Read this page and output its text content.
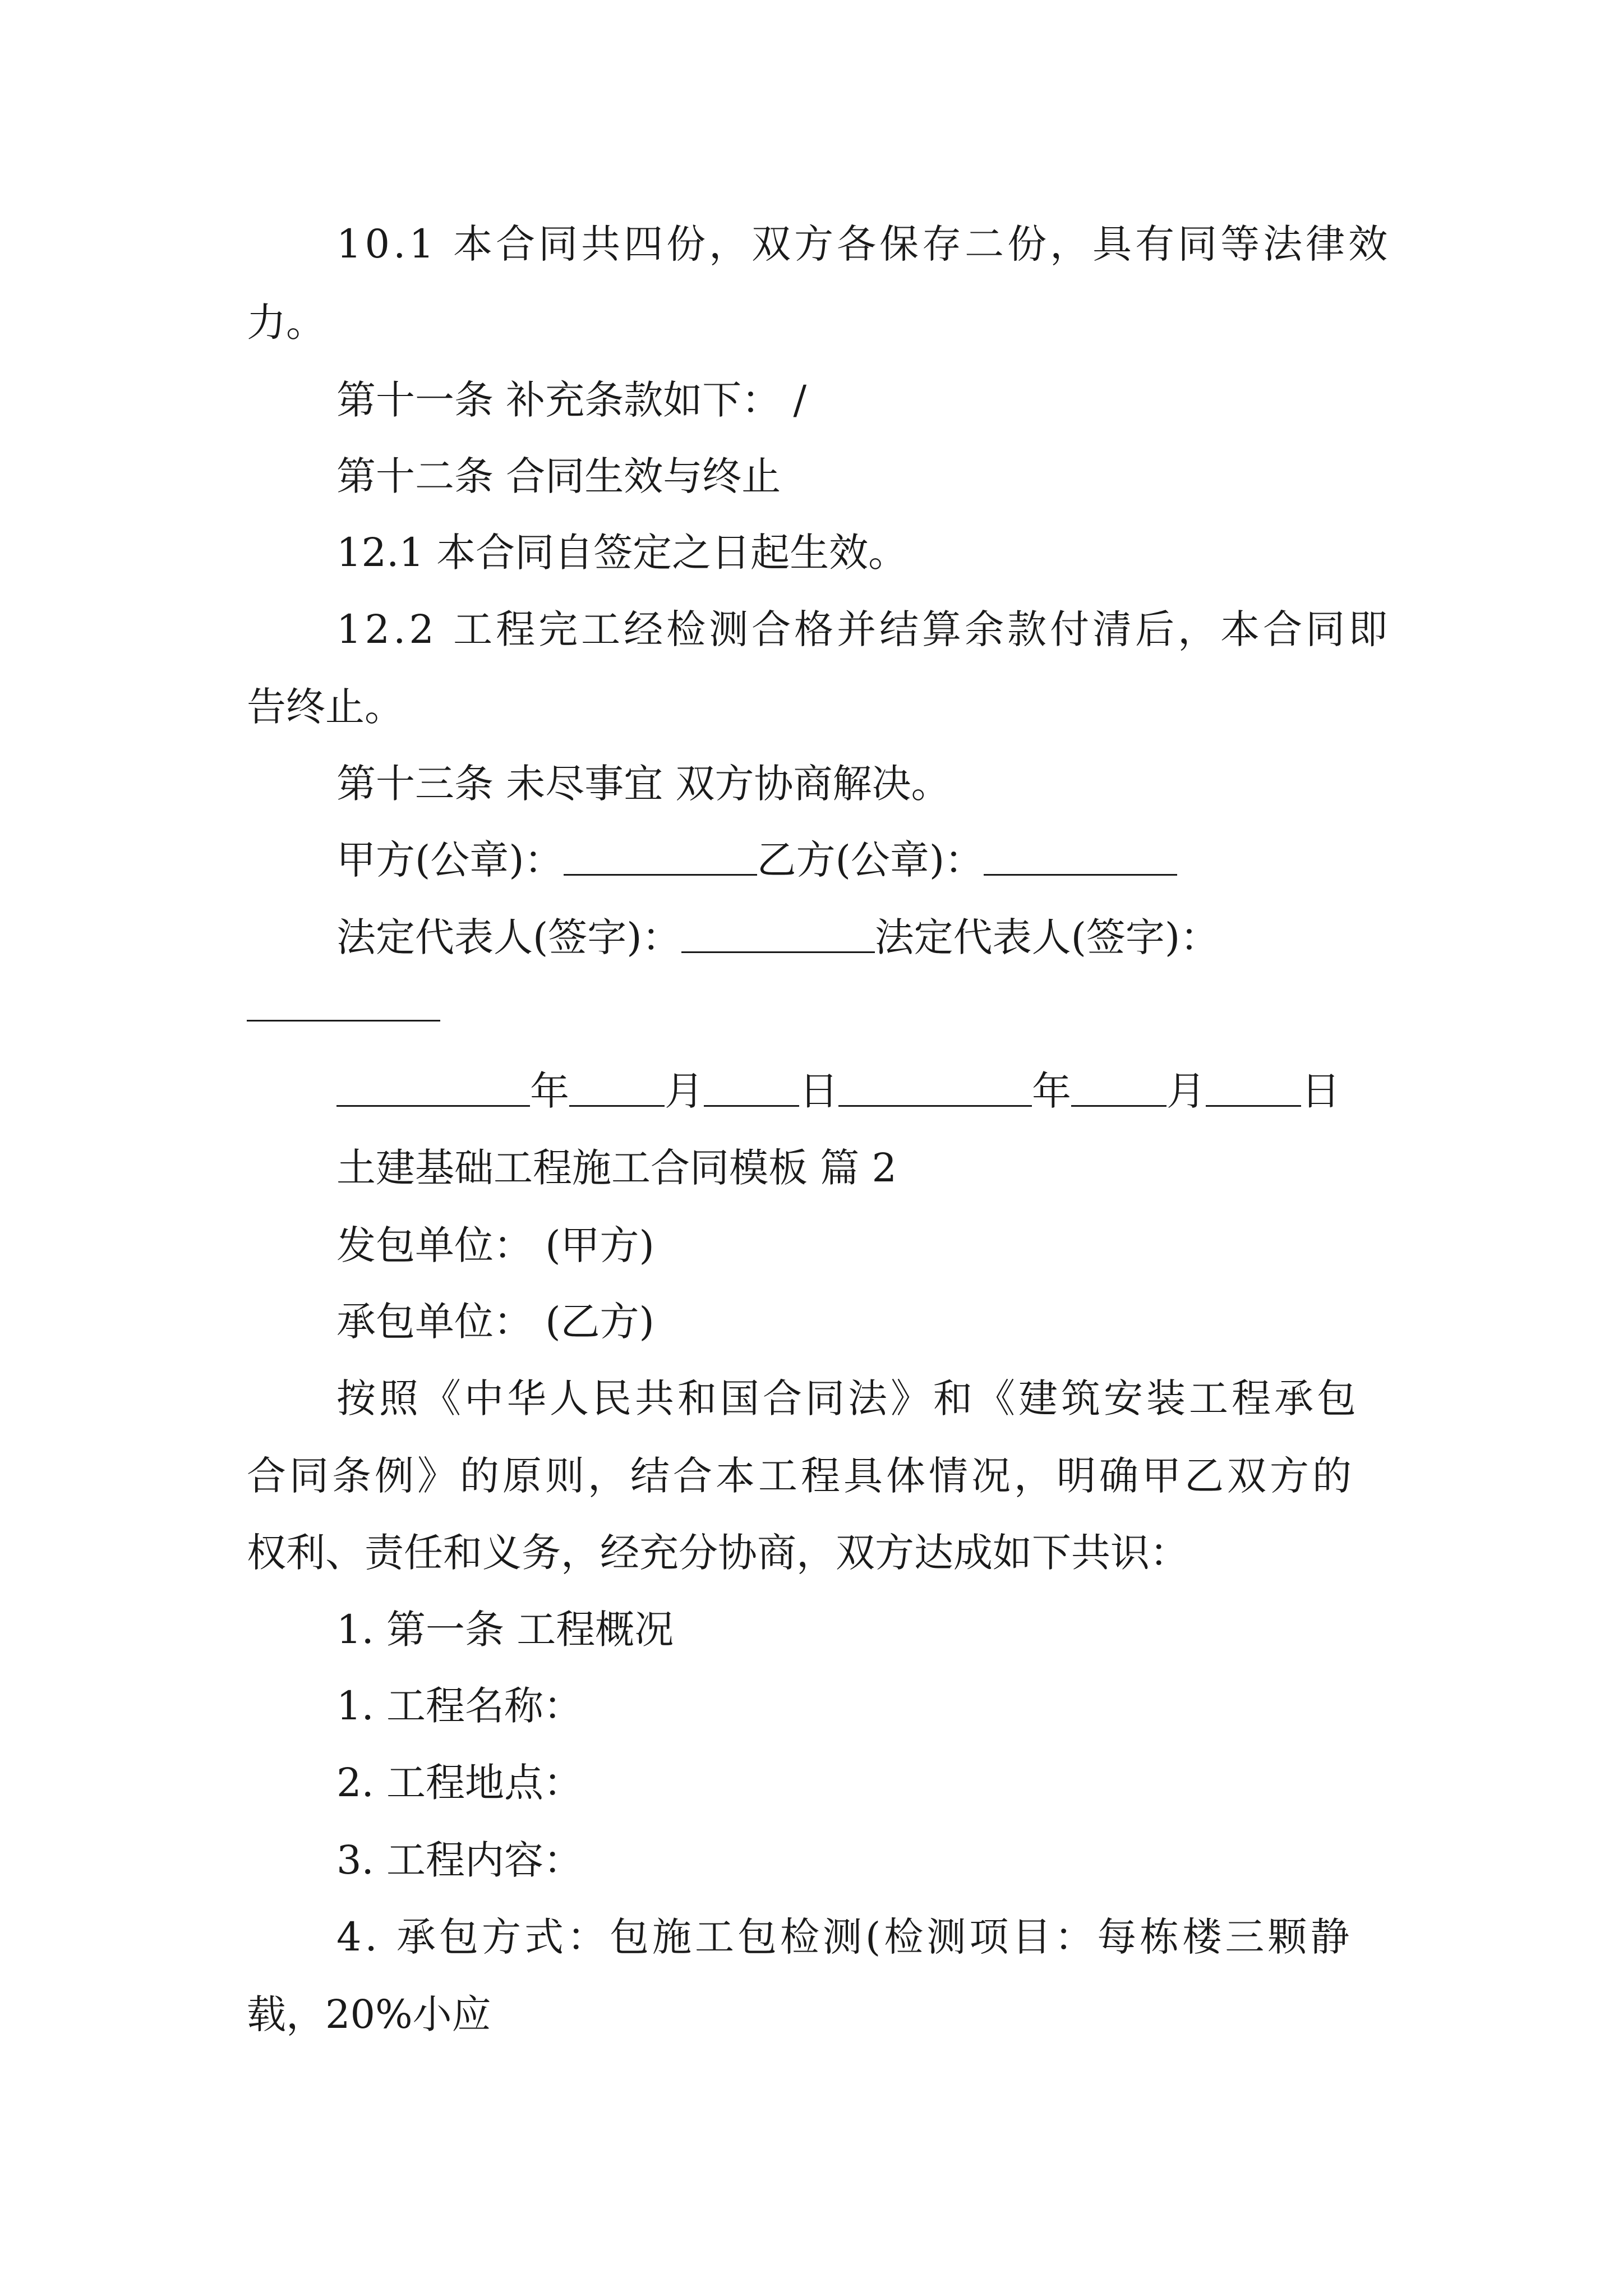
10.1 本合同共四份，双方各保存二份，具有同等法律效
力。
第十一条 补充条款如下： /
第十二条 合同生效与终止
12.1 本合同自签定之日起生效。
12.2 工程完工经检测合格并结算余款付清后，本合同即
告终止。
第十三条 未尽事宜 双方协商解决。
甲方(公章)：	乙方(公章)：
法定代表人(签字)：	法定代表人(签字)：
年 月 日	年 月 日
土建基础工程施工合同模板 篇 2
发包单位： (甲方)
承包单位： (乙方)
按照《中华人民共和国合同法》和《建筑安装工程承包
合同条例》的原则，结合本工程具体情况，明确甲乙双方的
权利、责任和义务，经充分协商，双方达成如下共识：
1. 第一条 工程概况
1. 工程名称：
2. 工程地点：
3. 工程内容：
4. 承包方式：包施工包检测(检测项目：每栋楼三颗静
载，20%小应
